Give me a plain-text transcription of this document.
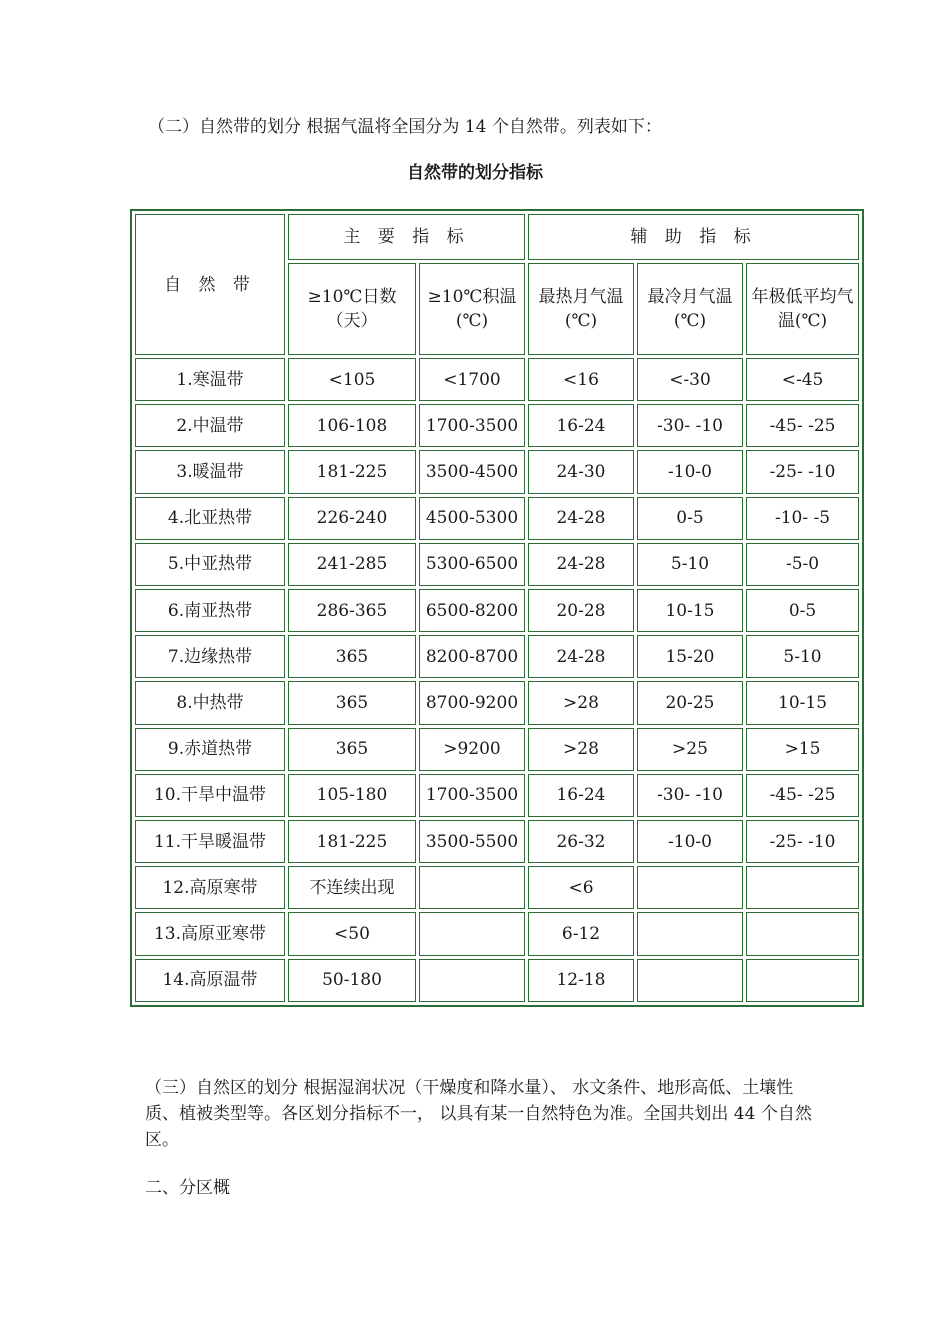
（二）自然带的划分 根据气温将全国分为 14 个自然带。列表如下：

自然带的划分指标
自 然 带	主 要 指 标		辅 助 指 标		
	≥10℃日数（天）	≥10℃积温(℃)	最热月气温(℃)	最冷月气温(℃)	年极低平均气温(℃)
1.寒温带	<105	<1700	<16	<-30	<-45
2.中温带	106-108	1700-3500	16-24	-30- -10	-45- -25
3.暖温带	181-225	3500-4500	24-30	-10-0	-25- -10
4.北亚热带	226-240	4500-5300	24-28	0-5	-10- -5
5.中亚热带	241-285	5300-6500	24-28	5-10	-5-0
6.南亚热带	286-365	6500-8200	20-28	10-15	0-5
7.边缘热带	365	8200-8700	24-28	15-20	5-10
8.中热带	365	8700-9200	>28	20-25	10-15
9.赤道热带	365	>9200	>28	>25	>15
10.干旱中温带	105-180	1700-3500	16-24	-30- -10	-45- -25
11.干旱暖温带	181-225	3500-5500	26-32	-10-0	-25- -10
12.高原寒带	不连续出现		<6		
13.高原亚寒带	<50		6-12		
14.高原温带	50-180		12-18		

（三）自然区的划分 根据湿润状况（干燥度和降水量）、 水文条件、地形高低、土壤性质、植被类型等。各区划分指标不一， 以具有某一自然特色为准。全国共划出 44 个自然区。

二、分区概
